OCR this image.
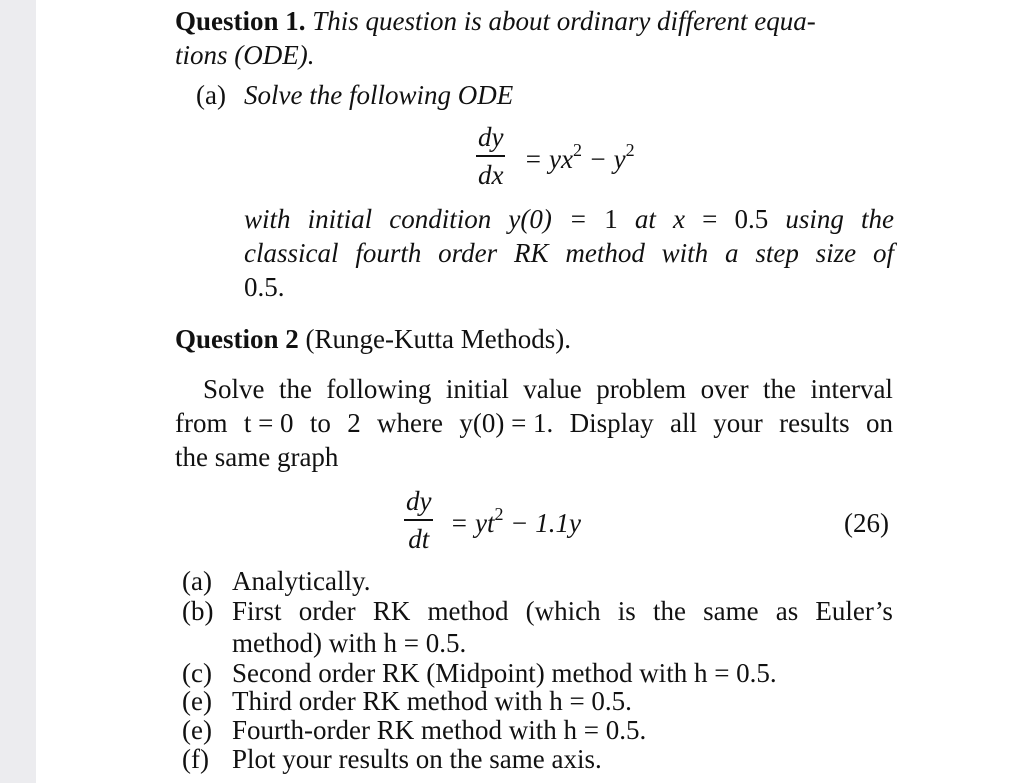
Question 1. This question is about ordinary different equa-
tions (ODE).
(a) Solve the following ODE
dy
dx
= $yx^2 - y^2$
with initial condition y(0) = 1 at x = 0.5 using the
classical fourth order RK method with a step size of
0.5.
Question 2 (Runge-Kutta Methods).
Solve the following initial value problem over the interval
from t = 0 to 2 where y(0) = 1. Display all your results on
the same graph
dy
dt
= $yt^2 - 1.1y$	(26)
(a) Analytically.
(b) First order RK method (which is the same as Euler’s
method) with h = 0.5.
(c) Second order RK (Midpoint) method with h = 0.5.
(e) Third order RK method with h = 0.5.
(e) Fourth-order RK method with h = 0.5.
(f) Plot your results on the same axis.
